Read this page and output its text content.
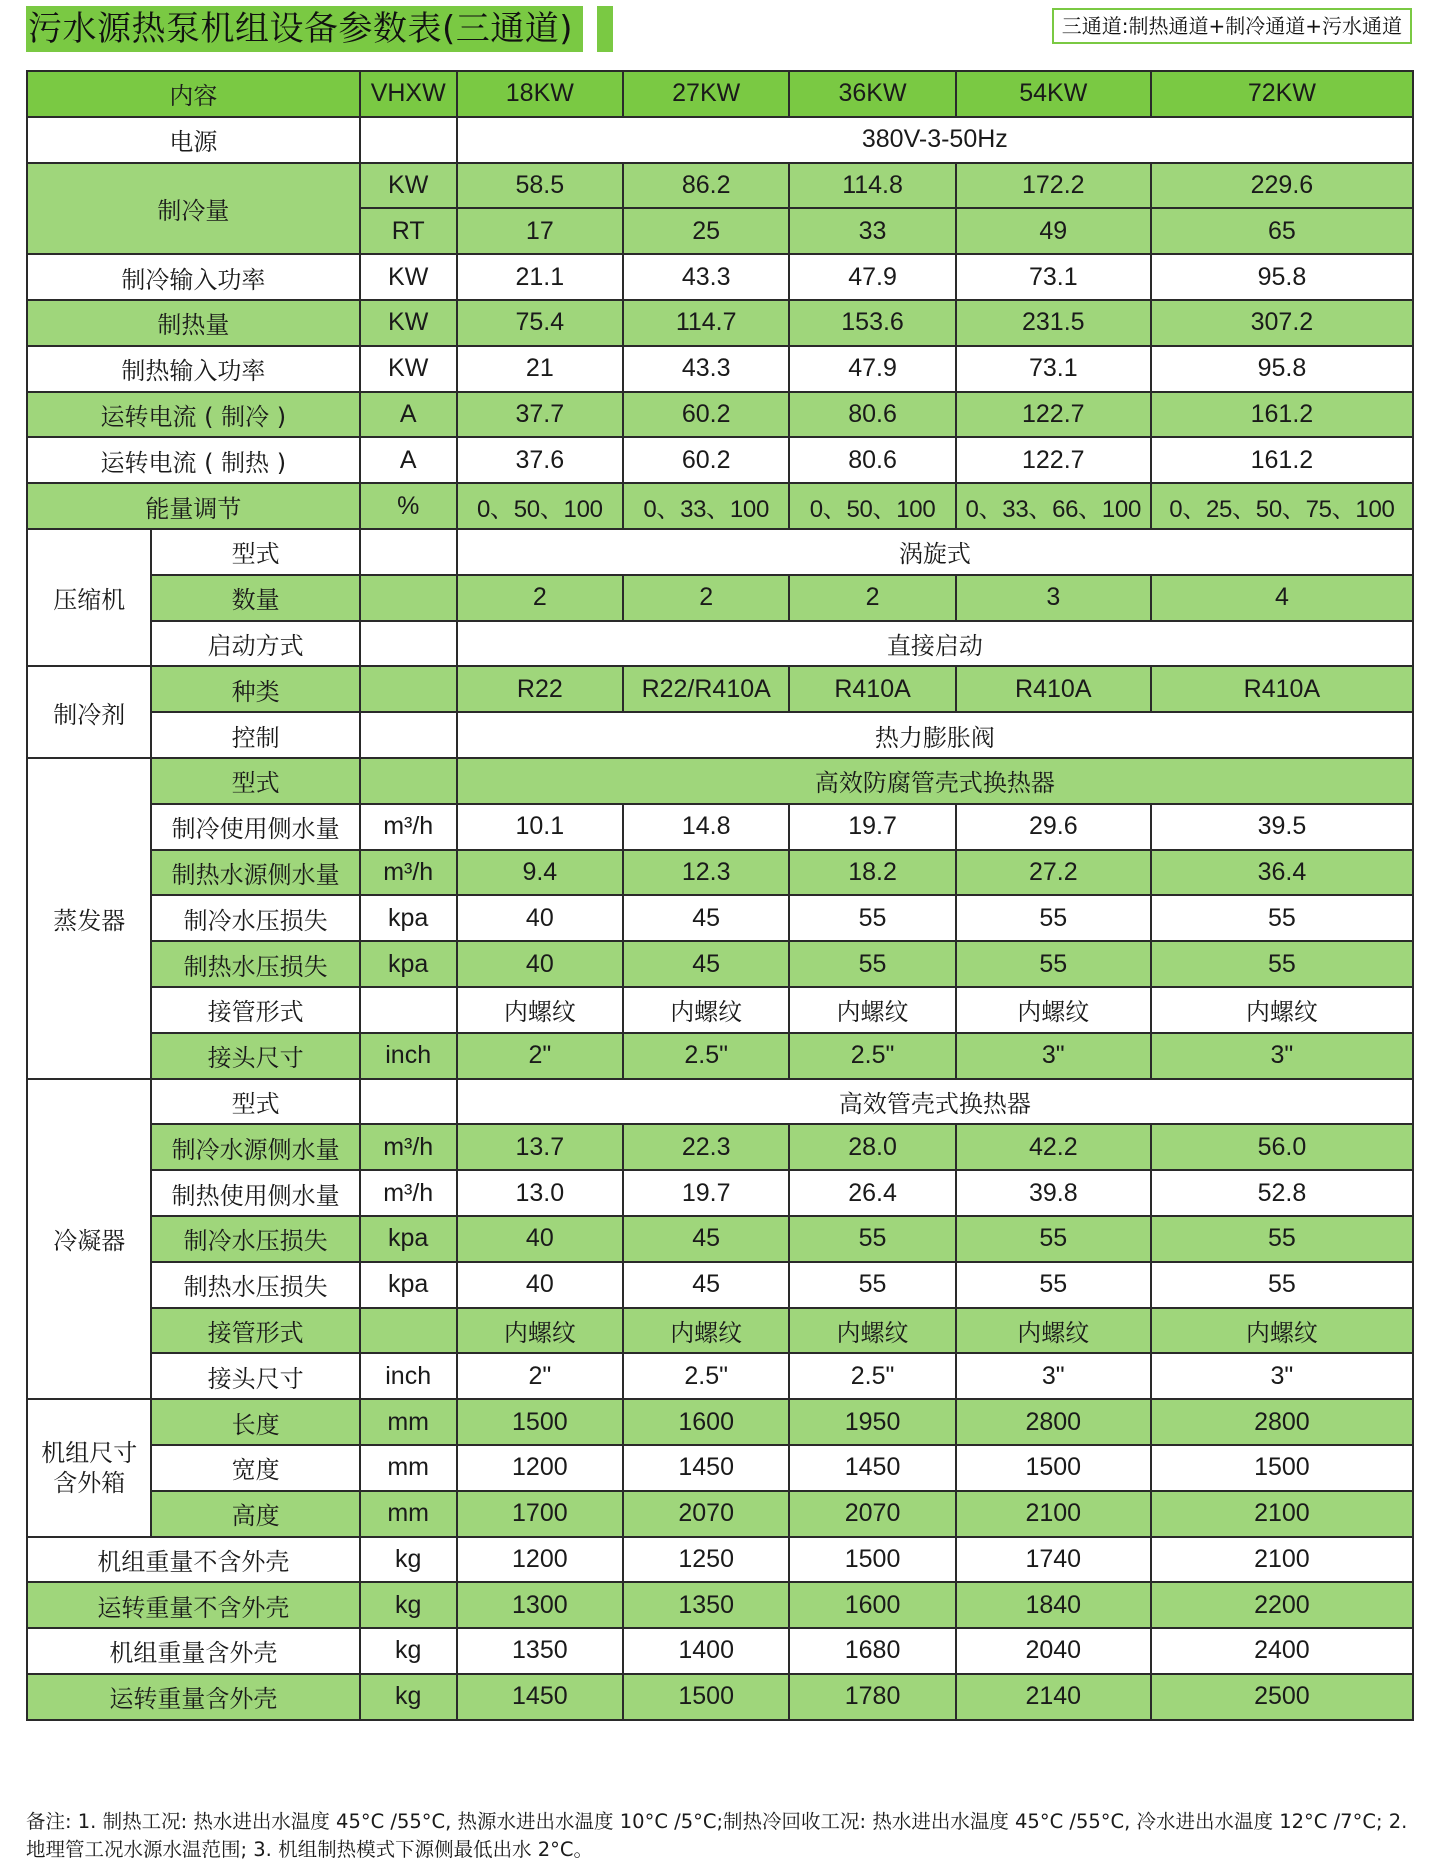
污水源热泵机组设备参数表(三通道)	三通道:制热通道+制冷通道+污水通道
内容		VHXW	18KW	27KW	36KW	54KW	72KW
电源			380V-3-50Hz				
制冷量		KW	58.5	86.2	114.8	172.2	229.6
		RT	17	25	33	49	65
制冷输入功率		KW	21.1	43.3	47.9	73.1	95.8
制热量		KW	75.4	114.7	153.6	231.5	307.2
制热输入功率		KW	21	43.3	47.9	73.1	95.8
运转电流 ( 制冷 )		A	37.7	60.2	80.6	122.7	161.2
运转电流 ( 制热 )		A	37.6	60.2	80.6	122.7	161.2
能量调节		%	0、50、100	0、33、100	0、50、100	0、33、66、100	0、25、50、75、100
压缩机	型式		涡旋式				
	数量		2	2	2	3	4
	启动方式		直接启动				
制冷剂	种类		R22	R22/R410A	R410A	R410A	R410A
	控制		热力膨胀阀				
蒸发器	型式		高效防腐管壳式换热器				
	制冷使用侧水量	m³/h	10.1	14.8	19.7	29.6	39.5
	制热水源侧水量	m³/h	9.4	12.3	18.2	27.2	36.4
	制冷水压损失	kpa	40	45	55	55	55
	制热水压损失	kpa	40	45	55	55	55
	接管形式		内螺纹	内螺纹	内螺纹	内螺纹	内螺纹
	接头尺寸	inch	2"	2.5"	2.5"	3"	3"
冷凝器	型式		高效管壳式换热器				
	制冷水源侧水量	m³/h	13.7	22.3	28.0	42.2	56.0
	制热使用侧水量	m³/h	13.0	19.7	26.4	39.8	52.8
	制冷水压损失	kpa	40	45	55	55	55
	制热水压损失	kpa	40	45	55	55	55
	接管形式		内螺纹	内螺纹	内螺纹	内螺纹	内螺纹
	接头尺寸	inch	2"	2.5"	2.5"	3"	3"
机组尺寸
含外箱	长度	mm	1500	1600	1950	2800	2800
	宽度	mm	1200	1450	1450	1500	1500
	高度	mm	1700	2070	2070	2100	2100
机组重量不含外壳		kg	1200	1250	1500	1740	2100
运转重量不含外壳		kg	1300	1350	1600	1840	2200
机组重量含外壳		kg	1350	1400	1680	2040	2400
运转重量含外壳		kg	1450	1500	1780	2140	2500
备注: 1. 制热工况: 热水进出水温度 45°C /55°C, 热源水进出水温度 10°C /5°C;制热冷回收工况: 热水进出水温度 45°C /55°C, 冷水进出水温度 12°C /7°C; 2. 地理管工况水源水温范围; 3. 机组制热模式下源侧最低出水 2°C。
